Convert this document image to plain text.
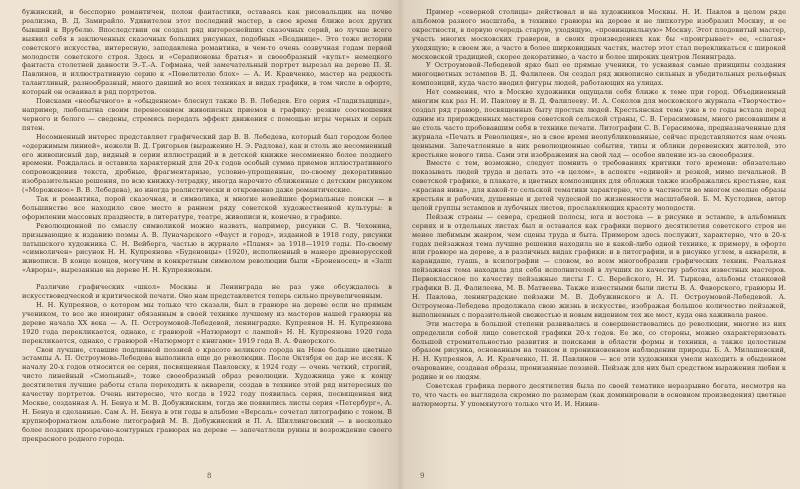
бужинский, и бесспорно романтичен, полон фантастики, оставаясь как рисовальщик на почве реализма, В. Д. Замирайло. Удивителен этот последний мастер, в свое время ближе всех других бывший к Врубелю. Впоследствии он создал ряд интереснейших сказочных серий, но лучше всего выявил себя в заключенных сказочных больших рисунках, подобных «Всаднице». Это тоже истории советского искусства, интересную, заподавлена романтика, в чем-то очень созвучная годам первой молодости советского строя. Здесь и «Серапионовы братья» и своеобразный «культ» немецкого фантаста столетней давности Э.-Т.-А. Гофмана, чей замечательный портрет вырезал на дереве П. Я. Павлинов, и иллюстративную серию к «Повелителю блох» — А. И. Кравченко, мастер на редкость талантливый, разнообразный, много давший во всех техниках и видах графики, в том числе в офорте, который он осваивал в ряд портретов.

Поисками «необычного» в «обыденном» блеснул также В. В. Лебедев. Его серия «Гладильщицы», например, любопытна своим перенесением живописных приемов в графику: резкие соотношения черного и белого — сведены, стремясь передать эффект движения с помощью игры черных и серых пятен.

Несомненный интерес представляет графический дар В. В. Лебедева, который был городом более «одержимым линией», нежели В. Д. Григорьев (выражение Н. Э. Радлова), как и столь же несомненный его живописный дар, видный в серии иллюстраций и в детской книжке несомненно более позднего времени. Рождалась и оставила характерный для 20-х годов особый сумма приемов иллюстративного сопровождения текста, дробные, фрагментарные, условно-упрощенные, по-своему декоративные изобразительные решения, по всю книжку-тетрадку, иногда нарочито сближенные с детским рисунком («Мороженое» В. В. Лебедева), но иногда реалистически и откровенно даже романтические.

Так и романтика, порой сказочная, и символика, и многие новейшие формальные поиски — в большинстве все находило свое место в раннем ряду советской художественной культуры: в оформлении массовых празднеств, в литературе, театре, живописи и, конечно, в графике.

Революционной по смыслу символикой можно назвать, например, рисунки С. В. Чехонина, призывающие к изданию поэмы А. В. Луначарского «Фауст и город», изданной в 1918 году, рисунки латышского художника С. Н. Вейберга, частью в журнале «Пламя» за 1918—1919 годы. По-своему «символичен» рисунок Н. Н. Купреянова «Буденовцы» (1920), исполненный в манере древнерусской живописи. В конце концов, могучим и конкретным символом революции были «Броненосец» и «Залп «Авроры», вырезанные на дереве Н. Н. Купреяновым.

Различие графических «школ» Москвы и Ленинграда не раз уже обсуждалось в искусствоведческой и критической печати. Оно нам представляется теперь сильно преувеличенным.

Н. Н. Купреянов, о котором мы только что сказали, был в гравюре на дереве если не прямым учеником, то все же иноиринг обязанным в своей технике лучшему из мастеров нашей гравюры на дереве начала XX века — А. П. Остроумовой-Лебедевой, ленинградке. Купреянов Н. Н. Купреянова 1920 года перекликается, однако, с гравюрой «Натюрморт с лампой» Н. Н. Купреянова 1920 года перекликается, однако, с гравюрой «Натюрморт с книгами» 1919 года В. А. Фаворского.

Свои лучшие, ставшие подлинной поэзией о красоте великого города на Неве большие цветные эстампы А. П. Остроумова-Лебедева выполнила еще до революции. После Октября ее дар не иссяк. К началу 20-х годов относится ее серия, посвященная Павловску, к 1924 году — очень четкий, строгий, чисто линейный «Смольный», тоже своеобразный образ революции. Художница уже к концу десятилетия лучшие работы стала переходить к акварели, создав в технике этой ряд интересных по качеству портретов. Очень интересно, что когда в 1922 году появилась серия, посвященная вид Москве, созданная А. Н. Бенуа и М. В. Добужинским, тогда же появились листы серия «Петербург», А. Н. Бенуа и сделанные. Сам А. Н. Бенуа в эти годы в альбоме «Версаль» сочетал литографию с тоном. В крупноформатном альбоме литографий М. В. Добужинский и П. А. Шиллинговский — в несколько более поздних прозрачно-контурных гравюрах на дереве — запечатлели руины и возрождение своего прекрасного родного города.

8

Пример «северной столицы» действовал и на художников Москвы. Н. И. Павлов в целом ряде альбомов разного масштаба, в технике гравюры на дереве и не липкотуре изобразил Москву, и ее окрестности, в первую очередь старую, уходящую, «провинциальную» Москву. Этот плодовитый мастер, участь многих московских граверов, в своих произведениях как бы «проигрывает» ее, «слагая» уходящую; в своем же, а часто в более ширковидных частях, мастер этот стал перекликаться с широкой московской традицией, скорее декоративно, а часто и более широких центров Ленинграда.

У Остроумовой-Лебедевой ярко был ее прямые ученики, то усваивая самые принципы создания многоцветных эстампов В. Д. Фалилеев. Он создал ряд живописно сильных и убедительных рельефных композиций, куда часто вводил фигуры людей, работающих на улицах.

Нет сомнения, что в Москве художники ощущали себя ближе к теме при город. Объединенный многим как раз Н. И. Павлову и В. Д. Фалилееву. И. А. Соколов для московского журнала «Творчество» создал ряд гравюр, посвященных быту простых людей. Крестьянская тема уже в те годы встала перед одним из прирожденных мастеров советской сельской страны, С. В. Герасимовым, много рисовавшим и не столь часто пробовавшим себя в технике печати. Литографии С. В. Герасимова, предназначенные для журнала «Печать и Революция», но в свое время неопубликованные, сейчас представляются нам очень ценными. Запечатленные в них революционные события, типы и облики деревенских жителей, это крестьяне нового типа. Сами эти изображения на свой лад — особое явление из-за своеобразия.

Вместе с тем, возможно, следует помнить о требованиях критики того времени: обязательно показывать людей труда и делать это «в целом», в аспекте «единой» и резкой, мимо печальной. В советской графике, в плакате, в цветных композициях для обложки также изображались крестьяне, как «красная нива», для какой-то сельской тематики характерно, что в частности во многом смелые образы крестьян и рабочих, душевные и детей чудесной по жизненности масштабной. Б. М. Кустодиев, автор целой группы эстампов и лубочных листов, прославляющих красоту молодости.

Пейзаж страны — севера, средней полосы, юга и востока — в рисунке и эстампе, в альбомных сериях и в отдельных листах был и оставался как графики первого десятилетия советского строя не менее любимым жанром, чем сцены труда и быта. Примером здесь послужит, характерно, что в 20-х годах пейзажная тема лучшие решения находила не в какой-либо одной технике, к примеру, в офорте или гравюре на дереве, а в различных видах графики: и в литографии, и в рисунке углем, в акварели, в карандаше, гуашь, в ксилографии — словом, во всем многообразии графических техник. Реальная пейзажная тема находила для себя исполнителей в лучших по качеству работах известных мастеров. Первоклассное по качеству пейзажные листы Г. С. Верейского, Н. И. Тыркова, альбомы станковой графики В. Д. Фалилеева, М. В. Матвеева. Также известными были листы В. А. Фаворского, гравюры И. Н. Павлова, ленинградские пейзажи М. В. Добужинского и А. П. Остроумовой-Лебедевой. А. Остроумова-Лебедева продолжала свою жизнь в искусстве, изображая большое количество пейзажей, выполненных с поразительной свежестью и новым видением тех же мест, куда она хаживала ранее.

Эти мастера в большой степени развивались и совершенствовались до революции, многие из них определили собой лицо советской графики 20-х годов. Ее же, со стороны, можно охарактеризовать большой стремительностью развития и поисками в области формы и техники, а также целостным образом рисунка, основанным на тонком и проникновенном наблюдении природы. Б. А. Милашевский, Н. Н. Купреянов, А. И. Кравченко, П. Я. Павлинов — все эти художники умели находить в обыденном очарование, создавая образы, пронизанные поэзией. Пейзаж для них был средством выражения любви к родине и ее людям.

Советская графика первого десятилетия была по своей тематике неразрывно богата, несмотря на то, что часть ее выглядела скромно по размерам (как доминировали в основном произведения) цветные натюрморты. У упомянутого только что И. И. Нивин-

9
